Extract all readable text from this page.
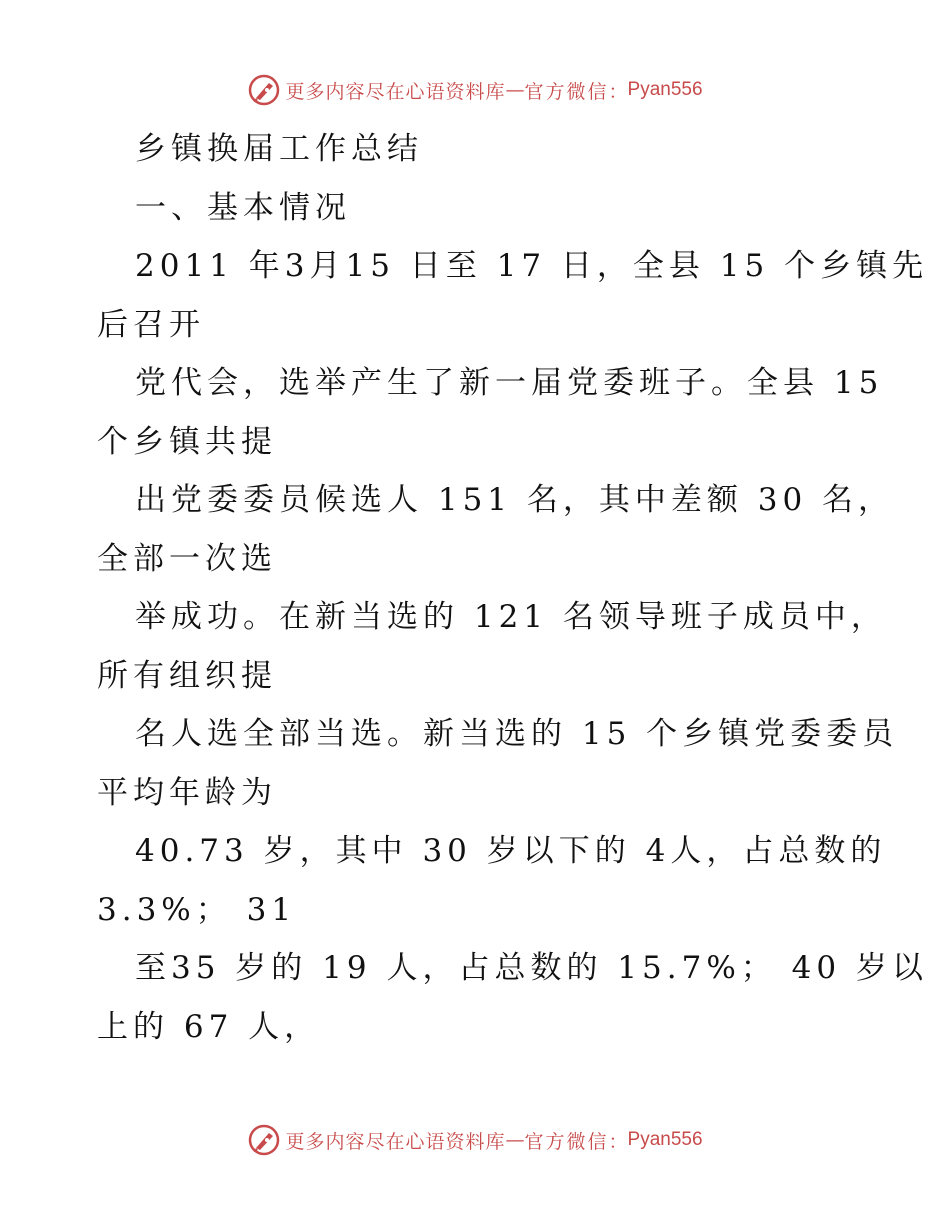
更多内容尽在心语资料库 — 官方微信 ： Pyan556
乡镇换届工作总结
一、基本情况
2011 年3月15 日至 17 日，全县 15 个乡镇先
后召开
党代会，选举产生了新一届党委班子。全县 15
个乡镇共提
出党委委员候选人 151 名，其中差额 30 名，
全部一次选
举成功。在新当选的 121 名领导班子成员中，
所有组织提
名人选全部当选。新当选的 15 个乡镇党委委员
平均年龄为
40.73 岁，其中 30 岁以下的 4人，占总数的
3.3%； 31
至35 岁的 19 人，占总数的 15.7%； 40 岁以
上的 67 人，
更多内容尽在心语资料库 — 官方微信 ： Pyan556
